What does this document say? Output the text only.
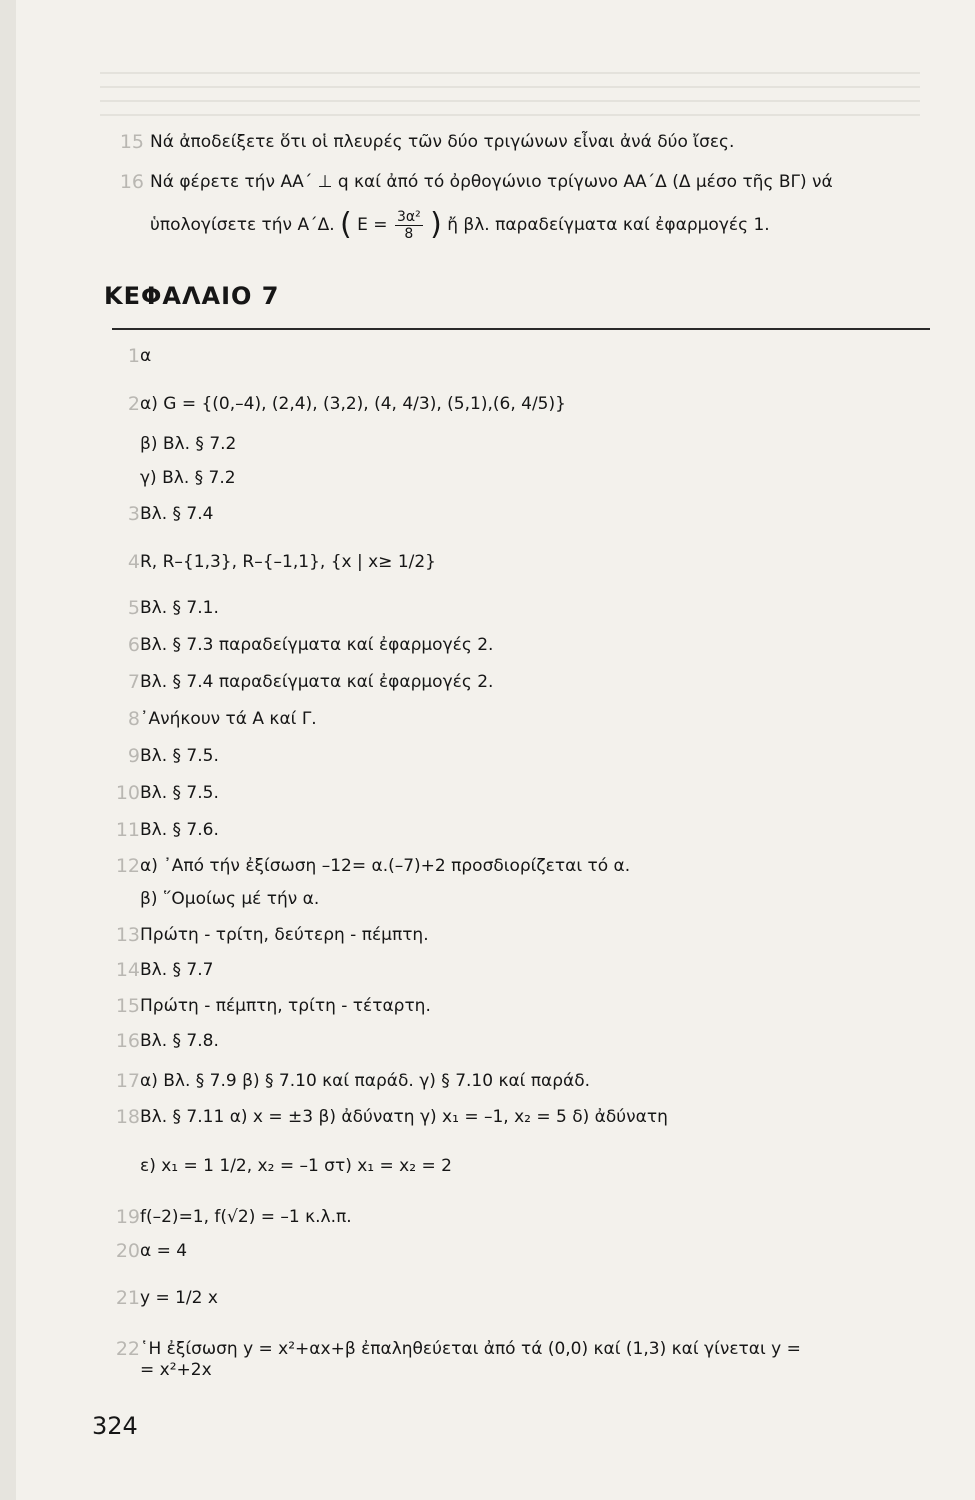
15 Νά ἀποδείξετε ὅτι οἱ πλευρές τῶν δύο τριγώνων εἶναι ἀνά δύο ἴσες.
16 Νά φέρετε τήν ΑΑ΄ ⊥ q καί ἀπό τό ὀρθογώνιο τρίγωνο ΑΑ΄Δ (Δ μέσο τῆς ΒΓ) νά
ὑπολογίσετε τήν Α΄Δ. ( $E = \frac{\text{3α²}}{8}$ ) ἤ βλ. παραδείγματα καί ἐφαρμογές 1.
ΚΕΦΑΛΑΙΟ 7
1 α
2 α) G = {(0,–4), (2,4), (3,2), (4, 4/3), (5,1),(6, 4/5)}
β) Βλ. § 7.2
γ) Βλ. § 7.2
3 Βλ. § 7.4
4 R, R–{1,3}, R–{–1,1}, {x | x≥ 1/2}
5 Βλ. § 7.1.
6 Βλ. § 7.3 παραδείγματα καί ἐφαρμογές 2.
7 Βλ. § 7.4 παραδείγματα καί ἐφαρμογές 2.
8 ᾿Ανήκουν τά Α καί Γ.
9 Βλ. § 7.5.
10 Βλ. § 7.5.
11 Βλ. § 7.6.
12 α) ᾿Από τήν ἐξίσωση –12= α.(–7)+2 προσδιορίζεται τό α.
β) ῞Ομοίως μέ τήν α.
13 Πρώτη - τρίτη, δεύτερη - πέμπτη.
14 Βλ. § 7.7
15 Πρώτη - πέμπτη, τρίτη - τέταρτη.
16 Βλ. § 7.8.
17 α) Βλ. § 7.9 β) § 7.10 καί παράδ. γ) § 7.10 καί παράδ.
18 Βλ. § 7.11 α) x = ±3 β) ἀδύνατη γ) x₁ = –1, x₂ = 5 δ) ἀδύνατη
ε) x₁ = 1 1/2, x₂ = –1 στ) x₁ = x₂ = 2
19 f(–2)=1, f(√2) = –1 κ.λ.π.
20 α = 4
21 y = 1/2 x
22 ῾Η ἐξίσωση y = x²+αx+β ἐπαληθεύεται ἀπό τά (0,0) καί (1,3) καί γίνεται y =
= x²+2x
324
